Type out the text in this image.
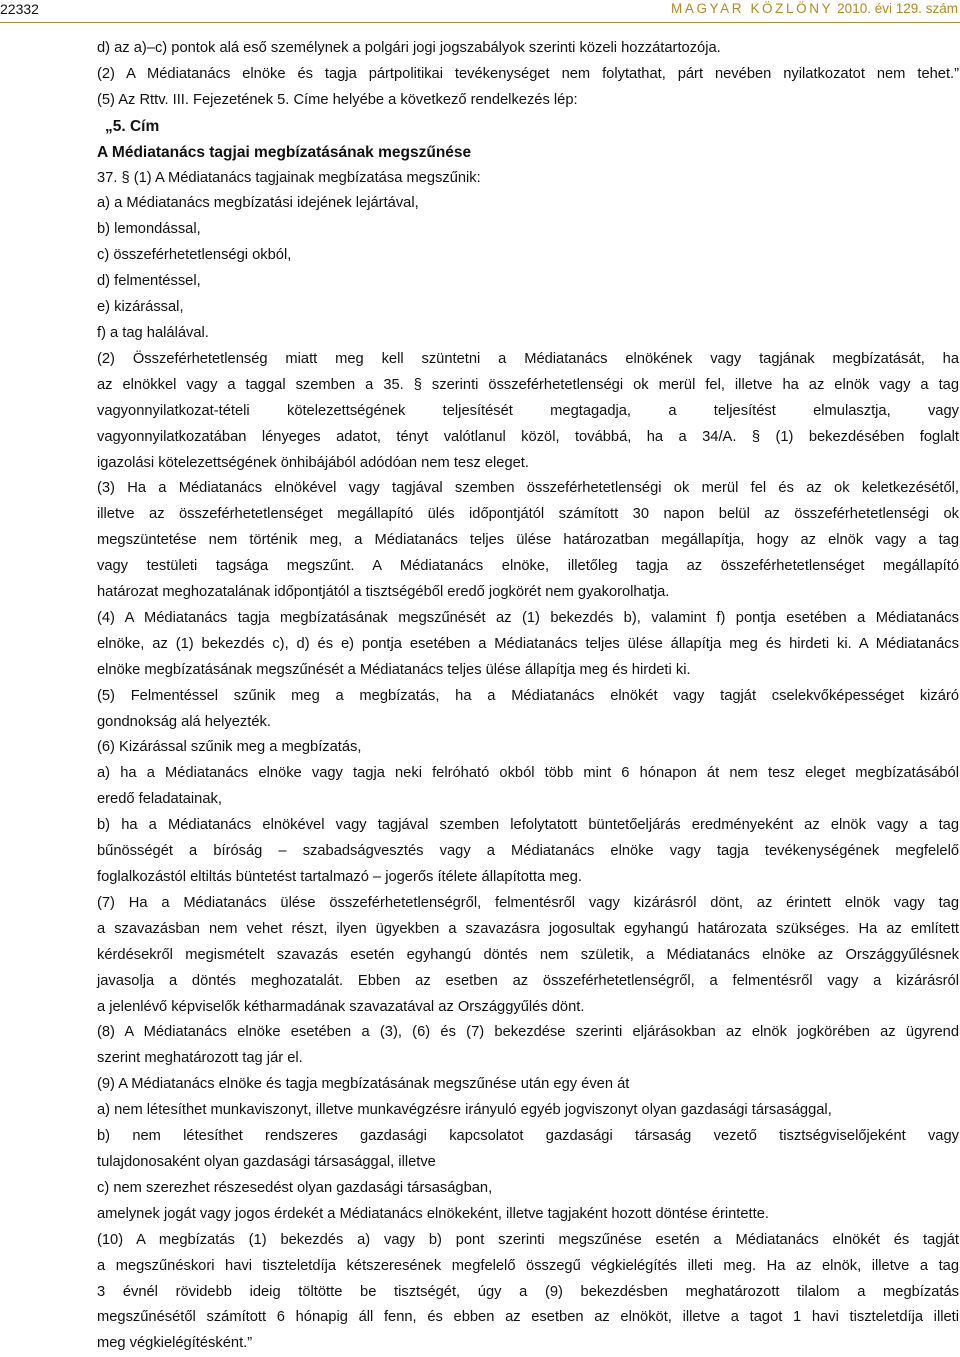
22332	MAGYAR KÖZLÖNY 2010. évi 129. szám

d) az a)–c) pontok alá eső személynek a polgári jogi jogszabályok szerinti közeli hozzátartozója.

(2) A Médiatanács elnöke és tagja pártpolitikai tevékenységet nem folytathat, párt nevében nyilatkozatot nem tehet.”

(5) Az Rttv. III. Fejezetének 5. Címe helyébe a következő rendelkezés lép:

„5. Cím

A Médiatanács tagjai megbízatásának megszűnése

37. § (1) A Médiatanács tagjainak megbízatása megszűnik:

a) a Médiatanács megbízatási idejének lejártával,

b) lemondással,

c) összeférhetetlenségi okból,

d) felmentéssel,

e) kizárással,

f) a tag halálával.

(2) Összeférhetetlenség miatt meg kell szüntetni a Médiatanács elnökének vagy tagjának megbízatását, ha

az elnökkel vagy a taggal szemben a 35. § szerinti összeférhetetlenségi ok merül fel, illetve ha az elnök vagy a tag

vagyonnyilatkozat-tételi kötelezettségének teljesítését megtagadja, a teljesítést elmulasztja, vagy

vagyonnyilatkozatában lényeges adatot, tényt valótlanul közöl, továbbá, ha a 34/A. § (1) bekezdésében foglalt

igazolási kötelezettségének önhibájából adódóan nem tesz eleget.

(3) Ha a Médiatanács elnökével vagy tagjával szemben összeférhetetlenségi ok merül fel és az ok keletkezésétől,

illetve az összeférhetetlenséget megállapító ülés időpontjától számított 30 napon belül az összeférhetetlenségi ok

megszüntetése nem történik meg, a Médiatanács teljes ülése határozatban megállapítja, hogy az elnök vagy a tag

vagy testületi tagsága megszűnt. A Médiatanács elnöke, illetőleg tagja az összeférhetetlenséget megállapító

határozat meghozatalának időpontjától a tisztségéből eredő jogkörét nem gyakorolhatja.

(4) A Médiatanács tagja megbízatásának megszűnését az (1) bekezdés b), valamint f) pontja esetében a Médiatanács

elnöke, az (1) bekezdés c), d) és e) pontja esetében a Médiatanács teljes ülése állapítja meg és hirdeti ki. A Médiatanács

elnöke megbízatásának megszűnését a Médiatanács teljes ülése állapítja meg és hirdeti ki.

(5) Felmentéssel szűnik meg a megbízatás, ha a Médiatanács elnökét vagy tagját cselekvőképességet kizáró

gondnokság alá helyezték.

(6) Kizárással szűnik meg a megbízatás,

a) ha a Médiatanács elnöke vagy tagja neki felróható okból több mint 6 hónapon át nem tesz eleget megbízatásából

eredő feladatainak,

b) ha a Médiatanács elnökével vagy tagjával szemben lefolytatott büntetőeljárás eredményeként az elnök vagy a tag

bűnösségét a bíróság – szabadságvesztés vagy a Médiatanács elnöke vagy tagja tevékenységének megfelelő

foglalkozástól eltiltás büntetést tartalmazó – jogerős ítélete állapította meg.

(7) Ha a Médiatanács ülése összeférhetetlenségről, felmentésről vagy kizárásról dönt, az érintett elnök vagy tag

a szavazásban nem vehet részt, ilyen ügyekben a szavazásra jogosultak egyhangú határozata szükséges. Ha az említett

kérdésekről megismételt szavazás esetén egyhangú döntés nem születik, a Médiatanács elnöke az Országgyűlésnek

javasolja a döntés meghozatalát. Ebben az esetben az összeférhetetlenségről, a felmentésről vagy a kizárásról

a jelenlévő képviselők kétharmadának szavazatával az Országgyűlés dönt.

(8) A Médiatanács elnöke esetében a (3), (6) és (7) bekezdése szerinti eljárásokban az elnök jogkörében az ügyrend

szerint meghatározott tag jár el.

(9) A Médiatanács elnöke és tagja megbízatásának megszűnése után egy éven át

a) nem létesíthet munkaviszonyt, illetve munkavégzésre irányuló egyéb jogviszonyt olyan gazdasági társasággal,

b) nem létesíthet rendszeres gazdasági kapcsolatot gazdasági társaság vezető tisztségviselőjeként vagy

tulajdonosaként olyan gazdasági társasággal, illetve

c) nem szerezhet részesedést olyan gazdasági társaságban,

amelynek jogát vagy jogos érdekét a Médiatanács elnökeként, illetve tagjaként hozott döntése érintette.

(10) A megbízatás (1) bekezdés a) vagy b) pont szerinti megszűnése esetén a Médiatanács elnökét és tagját

a megszűnéskori havi tiszteletdíja kétszeresének megfelelő összegű végkielégítés illeti meg. Ha az elnök, illetve a tag

3 évnél rövidebb ideig töltötte be tisztségét, úgy a (9) bekezdésben meghatározott tilalom a megbízatás

megszűnésétől számított 6 hónapig áll fenn, és ebben az esetben az elnököt, illetve a tagot 1 havi tiszteletdíja illeti

meg végkielégítésként.”
